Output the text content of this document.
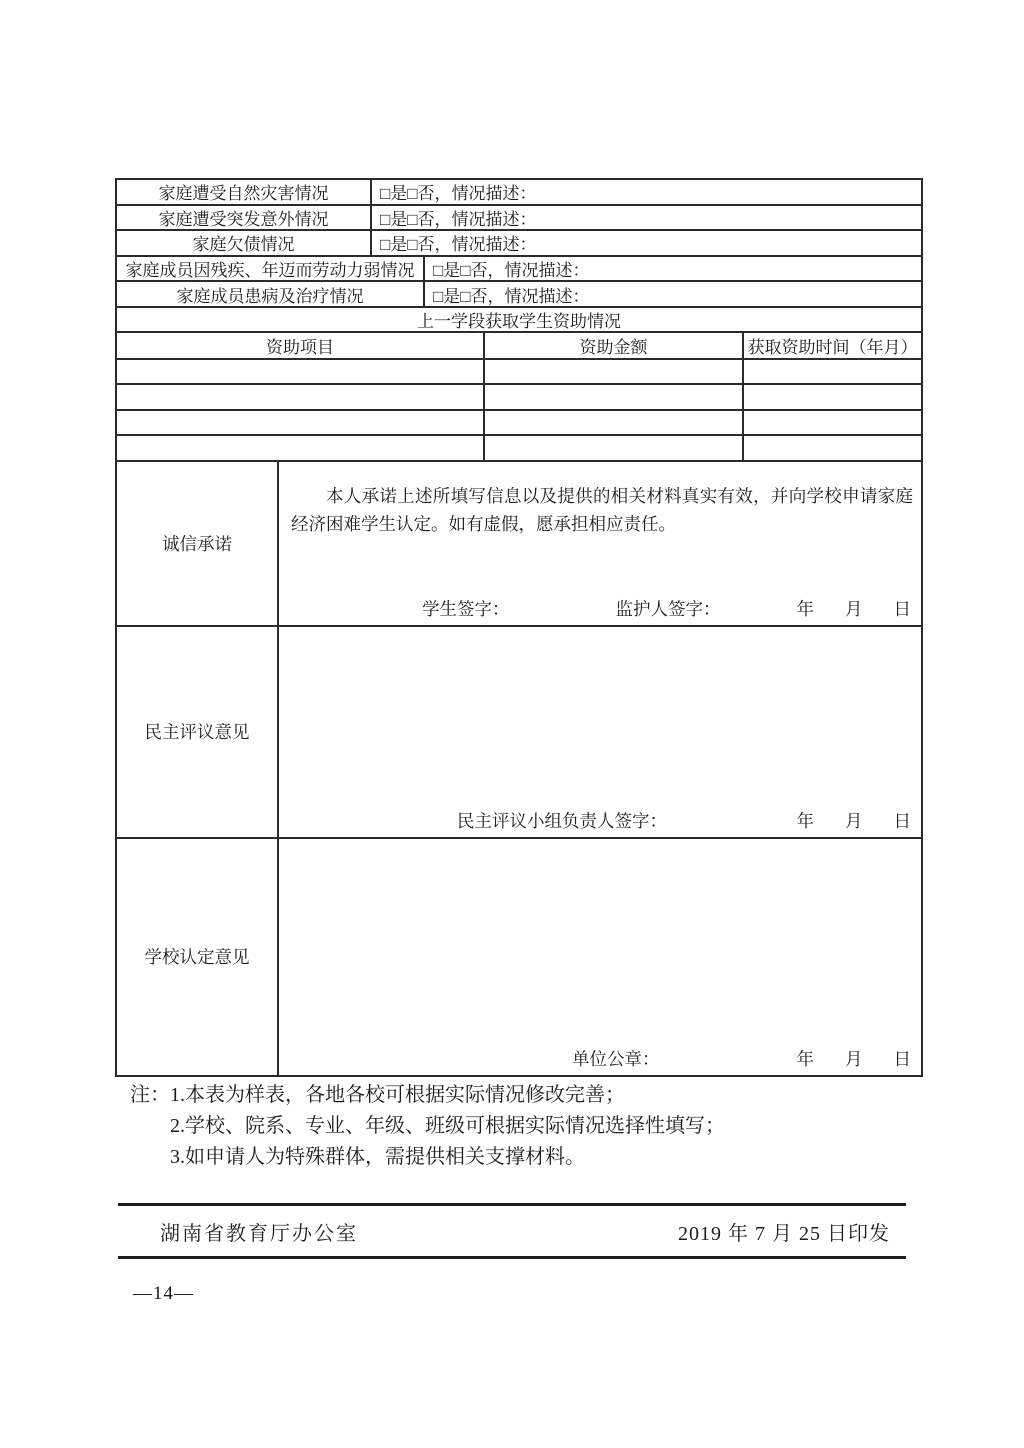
家庭遭受自然灾害情况	□是□否，情况描述：
家庭遭受突发意外情况	□是□否，情况描述：
家庭欠债情况	□是□否，情况描述：
家庭成员因残疾、年迈而劳动力弱情况	□是□否，情况描述：
家庭成员患病及治疗情况	□是□否，情况描述：
上一学段获取学生资助情况
资助项目	资助金额	获取资助时间（年月）
诚信承诺

本人承诺上述所填写信息以及提供的相关材料真实有效，并向学校申请家庭经济困难学生认定。如有虚假，愿承担相应责任。

学生签字：	监护人签字：	年 月 日
民主评议意见
民主评议小组负责人签字：	年 月 日
学校认定意见
单位公章：	年 月 日
注： 1.本表为样表，各地各校可根据实际情况修改完善；
2.学校、院系、专业、年级、班级可根据实际情况选择性填写；
3.如申请人为特殊群体，需提供相关支撑材料。
湖南省教育厅办公室	2019 年 7 月 25 日印发
—14—
